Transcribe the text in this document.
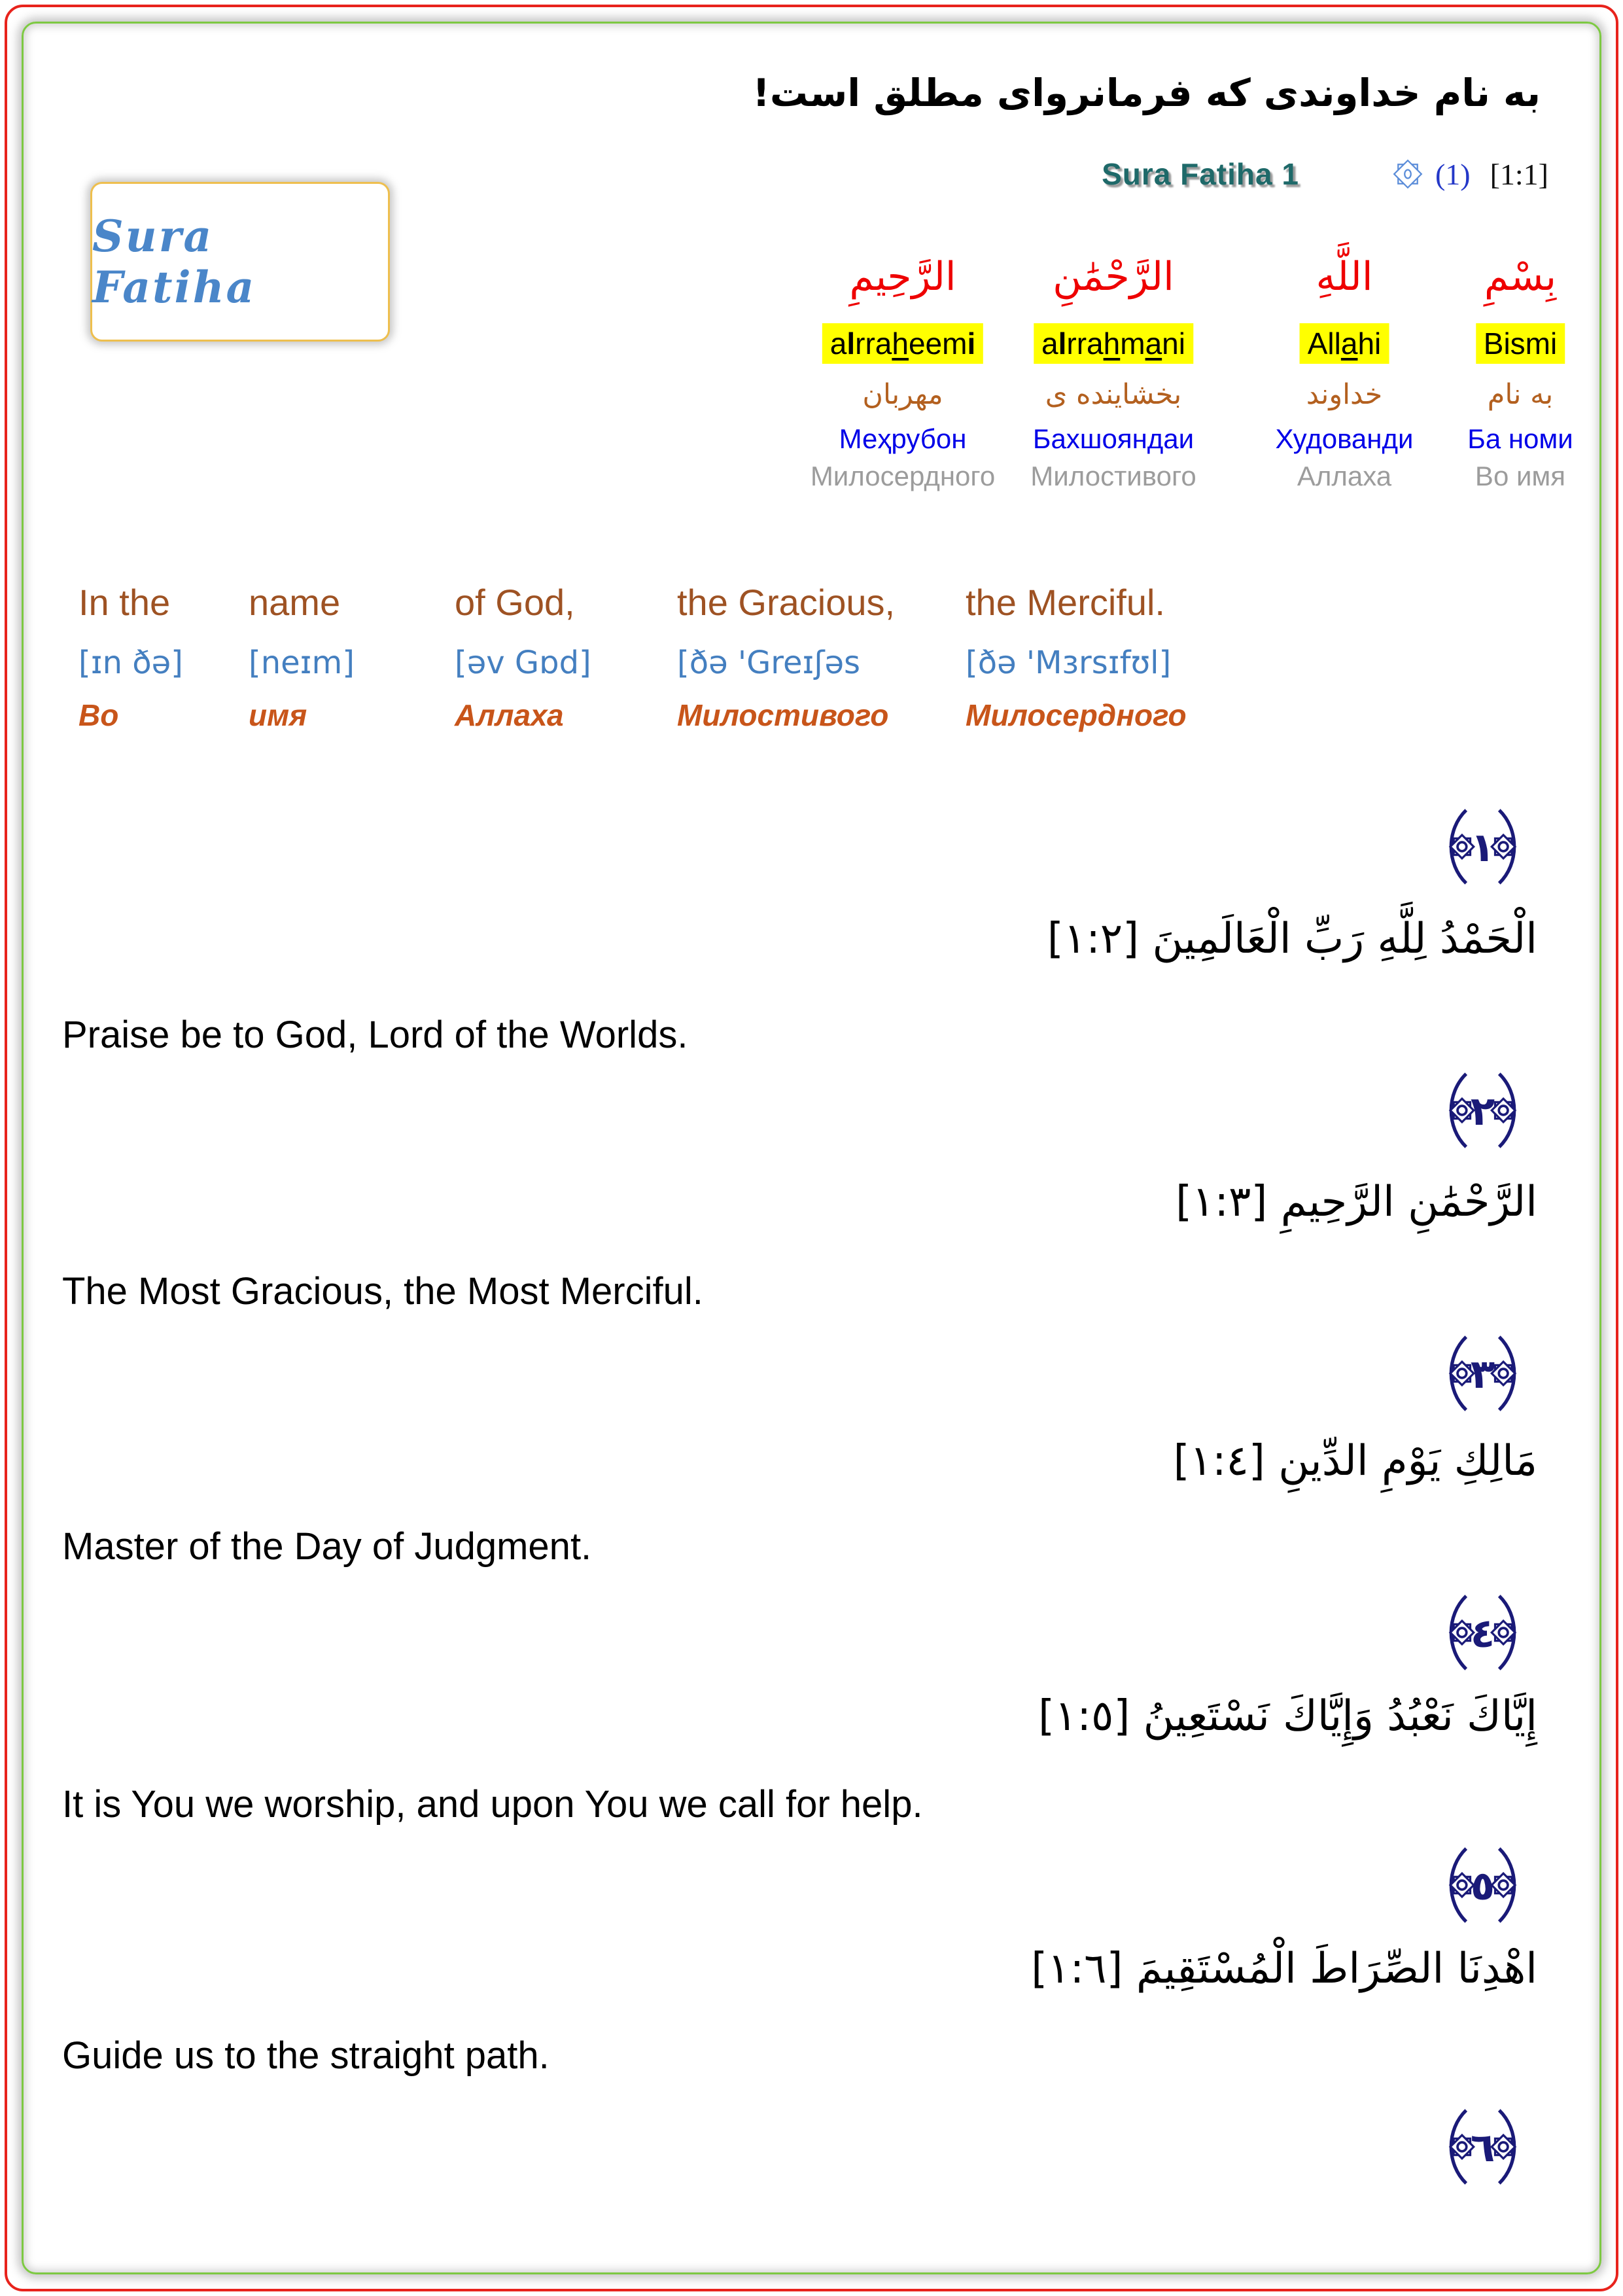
به نام خداوندی که فرمانروای مطلق است!
Sura Fatiha 1	(1) [1:1]
Sura Fatiha	الرَّحِيمِ
alrraheemi
مهربان
Меҳрубон
Милосердного
الرَّحْمَٰنِ
alrrahmani
بخشاینده ی
Бахшояндаи
Милостивого
اللَّهِ
Allahi
خداوند
Худованди
Аллаха
بِسْمِ
Bismi
به نام
Ба номи
Во имя
In the
[ɪn ðə]
Во
name
[neɪm]
имя
of God,
[əv Gɒd]
Аллаха
the Gracious,
[ðə 'Greɪʃəs
Милостивого
the Merciful.
[ðə 'Mɜrsɪfʊl]
Милосердного
١
الْحَمْدُ لِلَّهِ رَبِّ الْعَالَمِينَ [١:٢]
Praise be to God, Lord of the Worlds.
٢
الرَّحْمَٰنِ الرَّحِيمِ [١:٣]
The Most Gracious, the Most Merciful.
٣
مَالِكِ يَوْمِ الدِّينِ [١:٤]
Master of the Day of Judgment.
٤
إِيَّاكَ نَعْبُدُ وَإِيَّاكَ نَسْتَعِينُ [١:٥]
It is You we worship, and upon You we call for help.
٥
اهْدِنَا الصِّرَاطَ الْمُسْتَقِيمَ [١:٦]
Guide us to the straight path.
٦
